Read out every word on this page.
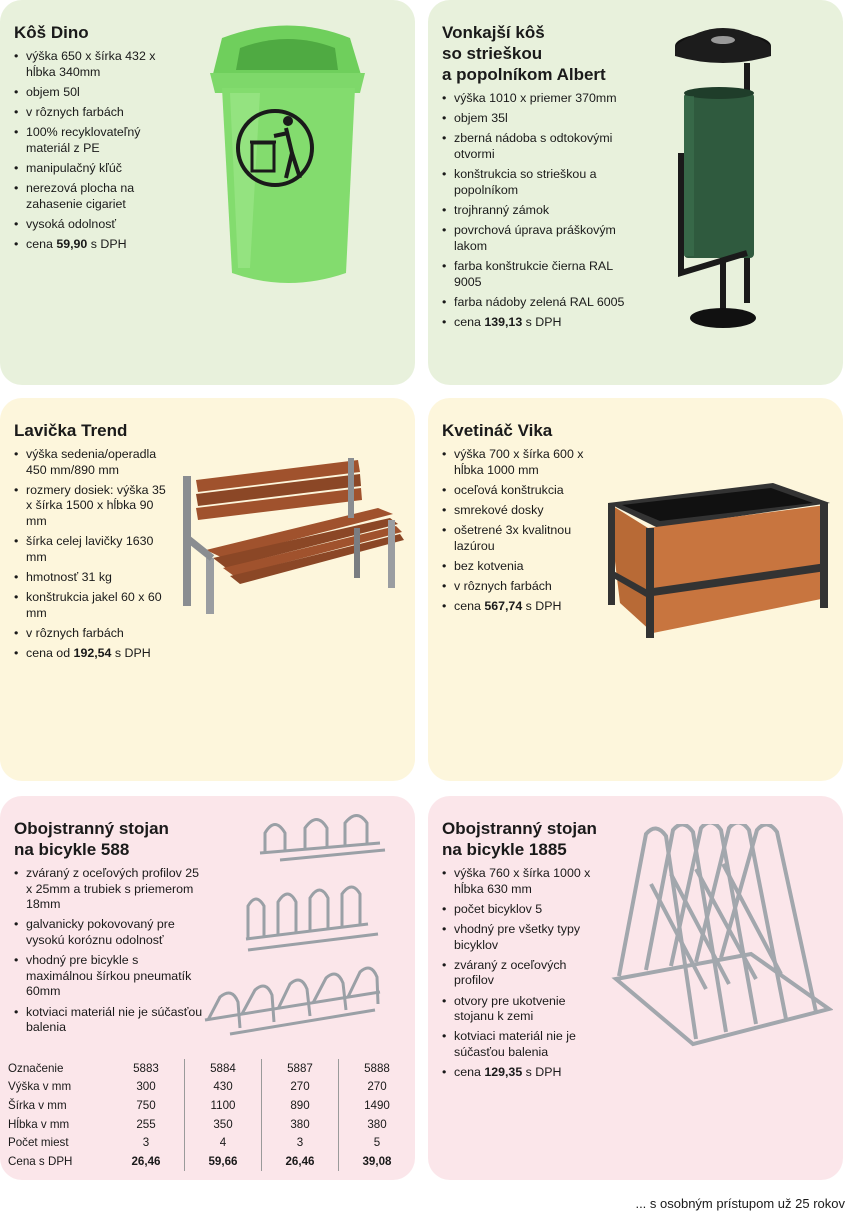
Kôš Dino
• výška 650 x šírka 432 x hĺbka 340mm
• objem 50l
• v rôznych farbách
• 100% recyklovateľný materiál z PE
• manipulačný kľúč
• nerezová plocha na zahasenie cigariet
• vysoká odolnosť
• cena 59,90 s DPH
Vonkajší kôš
so strieškou
a popolníkom Albert
• výška 1010 x priemer 370mm
• objem 35l
• zberná nádoba s odtokovými otvormi
• konštrukcia so strieškou a popolníkom
• trojhranný zámok
• povrchová úprava práškovým lakom
• farba konštrukcie čierna RAL 9005
• farba nádoby zelená RAL 6005
• cena 139,13 s DPH
Lavička Trend
• výška sedenia/operadla 450 mm/890 mm
• rozmery dosiek: výška 35 x šírka 1500 x hĺbka 90 mm
• šírka celej lavičky 1630 mm
• hmotnosť 31 kg
• konštrukcia jakel 60 x 60 mm
• v rôznych farbách
• cena od 192,54 s DPH
Kvetináč Vika
• výška 700 x šírka 600 x hĺbka 1000 mm
• oceľová konštrukcia
• smrekové dosky
• ošetrené 3x kvalitnou lazúrou
• bez kotvenia
• v rôznych farbách
• cena 567,74 s DPH
Obojstranný stojan
na bicykle 588
• zváraný z oceľových profilov 25 x 25mm a trubiek s priemerom 18mm
• galvanicky pokovovaný pre vysokú koróznu odolnosť
• vhodný pre bicykle s maximálnou šírkou pneumatík 60mm
• kotviaci materiál nie je súčasťou balenia
Označenie	5883	5884	5887	5888
Výška v mm	300	430	270	270
Šírka v mm	750	1100	890	1490
Hĺbka v mm	255	350	380	380
Počet miest	3	4	3	5
Cena s DPH	26,46	59,66	26,46	39,08
Obojstranný stojan
na bicykle 1885
• výška 760 x šírka 1000 x hĺbka 630 mm
• počet bicyklov 5
• vhodný pre všetky typy bicyklov
• zváraný z oceľových profilov
• otvory pre ukotvenie stojanu k zemi
• kotviaci materiál nie je súčasťou balenia
• cena 129,35 s DPH
... s osobným prístupom už 25 rokov
